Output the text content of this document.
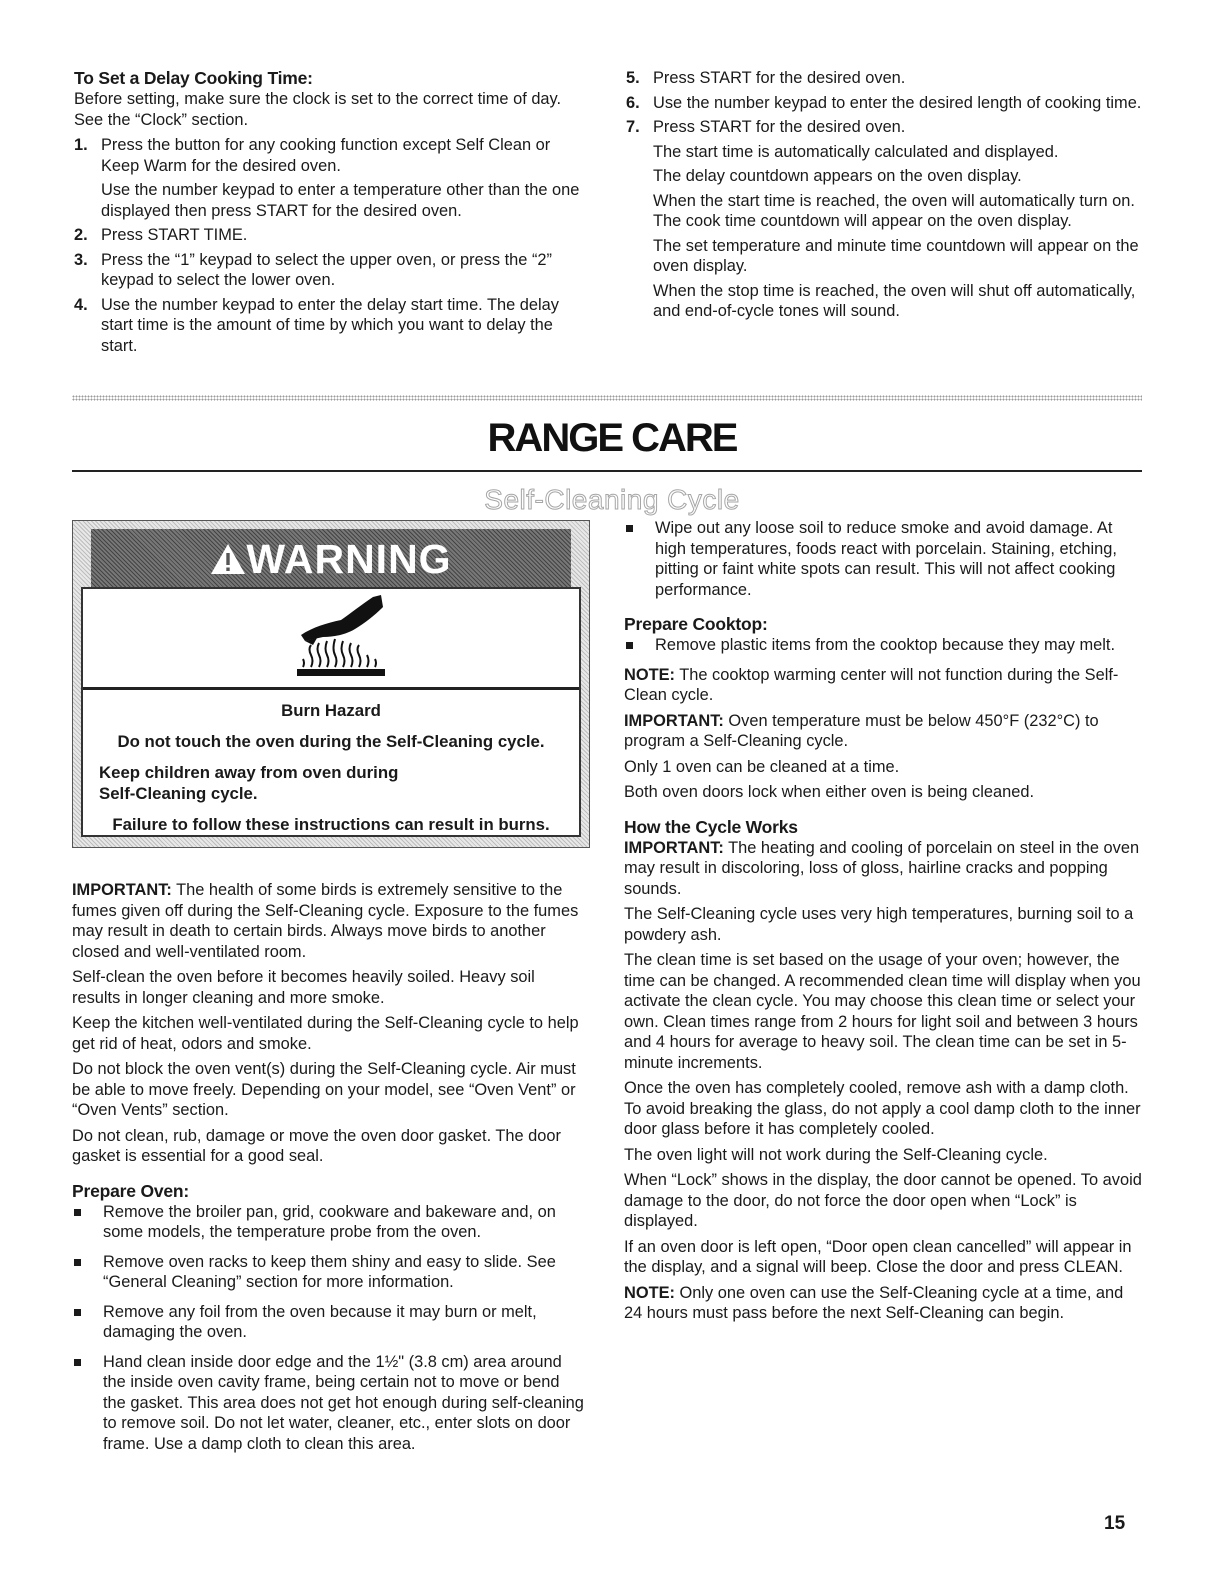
To Set a Delay Cooking Time:

Before setting, make sure the clock is set to the correct time of day. See the “Clock” section.

1. Press the button for any cooking function except Self Clean or Keep Warm for the desired oven.

Use the number keypad to enter a temperature other than the one displayed then press START for the desired oven.

2. Press START TIME.

3. Press the “1” keypad to select the upper oven, or press the “2” keypad to select the lower oven.

4. Use the number keypad to enter the delay start time. The delay start time is the amount of time by which you want to delay the start.

5. Press START for the desired oven.

6. Use the number keypad to enter the desired length of cooking time.

7. Press START for the desired oven.

The start time is automatically calculated and displayed.

The delay countdown appears on the oven display.

When the start time is reached, the oven will automatically turn on. The cook time countdown will appear on the oven display.

The set temperature and minute time countdown will appear on the oven display.

When the stop time is reached, the oven will shut off automatically, and end-of-cycle tones will sound.

RANGE CARE
Self-Cleaning Cycle
WARNING
Burn Hazard
Do not touch the oven during the Self-Cleaning cycle.
Keep children away from oven during Self-Cleaning cycle.
Failure to follow these instructions can result in burns.

IMPORTANT: The health of some birds is extremely sensitive to the fumes given off during the Self-Cleaning cycle. Exposure to the fumes may result in death to certain birds. Always move birds to another closed and well-ventilated room.

Self-clean the oven before it becomes heavily soiled. Heavy soil results in longer cleaning and more smoke.

Keep the kitchen well-ventilated during the Self-Cleaning cycle to help get rid of heat, odors and smoke.

Do not block the oven vent(s) during the Self-Cleaning cycle. Air must be able to move freely. Depending on your model, see “Oven Vent” or “Oven Vents” section.

Do not clean, rub, damage or move the oven door gasket. The door gasket is essential for a good seal.

Prepare Oven:

Remove the broiler pan, grid, cookware and bakeware and, on some models, the temperature probe from the oven.

Remove oven racks to keep them shiny and easy to slide. See “General Cleaning” section for more information.

Remove any foil from the oven because it may burn or melt, damaging the oven.

Hand clean inside door edge and the 1½" (3.8 cm) area around the inside oven cavity frame, being certain not to move or bend the gasket. This area does not get hot enough during self-cleaning to remove soil. Do not let water, cleaner, etc., enter slots on door frame. Use a damp cloth to clean this area.

Wipe out any loose soil to reduce smoke and avoid damage. At high temperatures, foods react with porcelain. Staining, etching, pitting or faint white spots can result. This will not affect cooking performance.

Prepare Cooktop:

Remove plastic items from the cooktop because they may melt.

NOTE: The cooktop warming center will not function during the Self-Clean cycle.

IMPORTANT: Oven temperature must be below 450°F (232°C) to program a Self-Cleaning cycle.

Only 1 oven can be cleaned at a time.

Both oven doors lock when either oven is being cleaned.

How the Cycle Works

IMPORTANT: The heating and cooling of porcelain on steel in the oven may result in discoloring, loss of gloss, hairline cracks and popping sounds.

The Self-Cleaning cycle uses very high temperatures, burning soil to a powdery ash.

The clean time is set based on the usage of your oven; however, the time can be changed. A recommended clean time will display when you activate the clean cycle. You may choose this clean time or select your own. Clean times range from 2 hours for light soil and between 3 hours and 4 hours for average to heavy soil. The clean time can be set in 5-minute increments.

Once the oven has completely cooled, remove ash with a damp cloth. To avoid breaking the glass, do not apply a cool damp cloth to the inner door glass before it has completely cooled.

The oven light will not work during the Self-Cleaning cycle.

When “Lock” shows in the display, the door cannot be opened. To avoid damage to the door, do not force the door open when “Lock” is displayed.

If an oven door is left open, “Door open clean cancelled” will appear in the display, and a signal will beep. Close the door and press CLEAN.

NOTE: Only one oven can use the Self-Cleaning cycle at a time, and 24 hours must pass before the next Self-Cleaning can begin.

15
